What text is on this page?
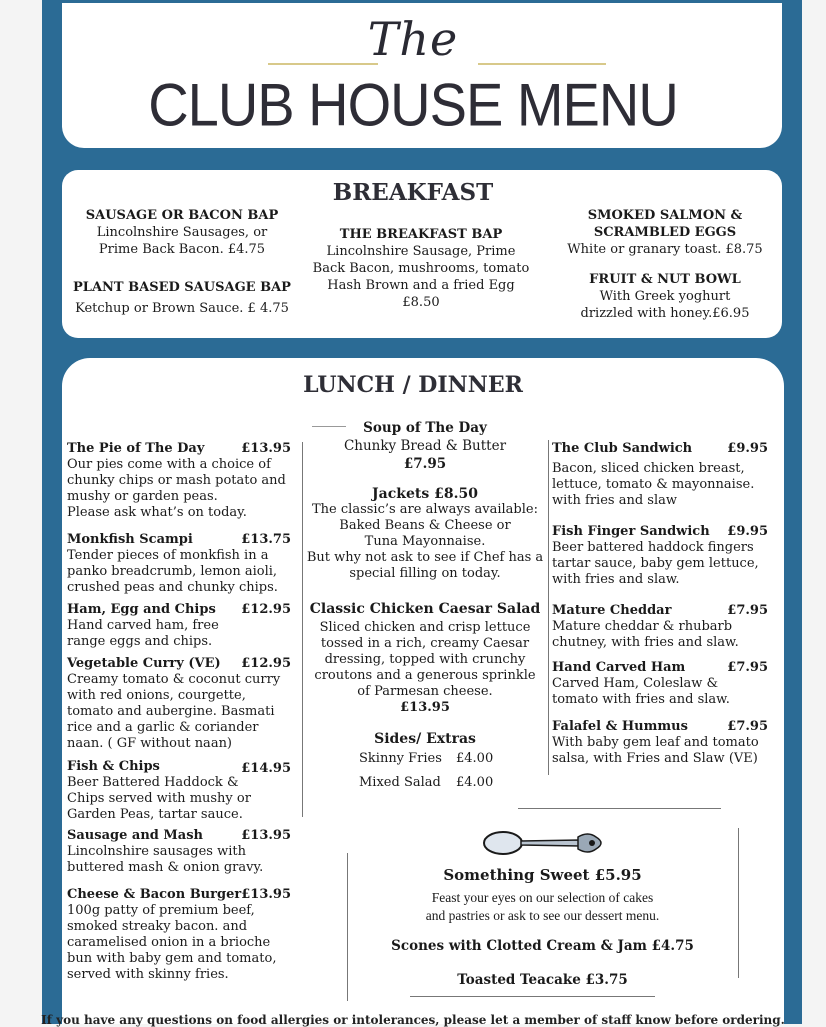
The
CLUB HOUSE MENU
BREAKFAST
SAUSAGE OR BACON BAP
Lincolnshire Sausages, or
Prime Back Bacon. £4.75
PLANT BASED SAUSAGE BAP
Ketchup or Brown Sauce. £ 4.75
THE BREAKFAST BAP
Lincolnshire Sausage, Prime
Back Bacon, mushrooms, tomato
Hash Brown and a fried Egg
£8.50
SMOKED SALMON &
SCRAMBLED EGGS
White or granary toast. £8.75
FRUIT & NUT BOWL
With Greek yoghurt
drizzled with honey.£6.95
LUNCH / DINNER
The Pie of The Day	£13.95
Our pies come with a choice of
chunky chips or mash potato and
mushy or garden peas.
Please ask what’s on today.
Monkfish Scampi	£13.75
Tender pieces of monkfish in a
panko breadcrumb, lemon aioli,
crushed peas and chunky chips.
Ham, Egg and Chips	£12.95
Hand carved ham, free
range eggs and chips.
Vegetable Curry (VE)	£12.95
Creamy tomato & coconut curry
with red onions, courgette,
tomato and aubergine. Basmati
rice and a garlic & coriander
naan. ( GF without naan)
Fish & Chips	£14.95
Beer Battered Haddock &
Chips served with mushy or
Garden Peas, tartar sauce.
Sausage and Mash	£13.95
Lincolnshire sausages with
buttered mash & onion gravy.
Cheese & Bacon Burger £13.95
100g patty of premium beef,
smoked streaky bacon. and
caramelised onion in a brioche
bun with baby gem and tomato,
served with skinny fries.
Soup of The Day
Chunky Bread & Butter
£7.95
Jackets £8.50
The classic’s are always available:
Baked Beans & Cheese or
Tuna Mayonnaise.
But why not ask to see if Chef has a
special filling on today.
Classic Chicken Caesar Salad
Sliced chicken and crisp lettuce
tossed in a rich, creamy Caesar
dressing, topped with crunchy
croutons and a generous sprinkle
of Parmesan cheese.
£13.95
Sides/ Extras
Skinny Fries £4.00
Mixed Salad £4.00
The Club Sandwich	£9.95
Bacon, sliced chicken breast,
lettuce, tomato & mayonnaise.
with fries and slaw
Fish Finger Sandwich	£9.95
Beer battered haddock fingers
tartar sauce, baby gem lettuce,
with fries and slaw.
Mature Cheddar	£7.95
Mature cheddar & rhubarb
chutney, with fries and slaw.
Hand Carved Ham	£7.95
Carved Ham, Coleslaw &
tomato with fries and slaw.
Falafel & Hummus	£7.95
With baby gem leaf and tomato
salsa, with Fries and Slaw (VE)
Something Sweet £5.95
Feast your eyes on our selection of cakes
and pastries or ask to see our dessert menu.
Scones with Clotted Cream & Jam £4.75
Toasted Teacake £3.75
If you have any questions on food allergies or intolerances, please let a member of staff know before ordering.
